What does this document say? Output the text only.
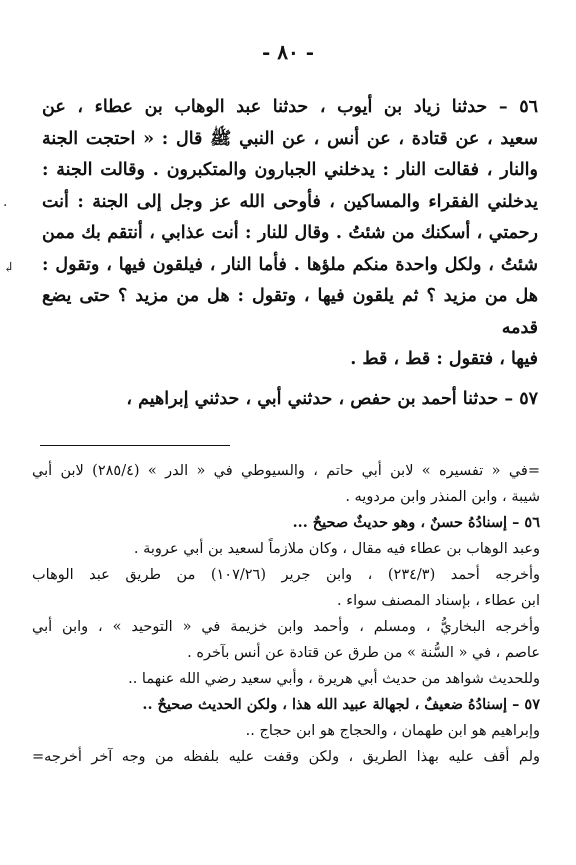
- ٨٠ -

٥٦ – حدثنا زياد بن أيوب ، حدثنا عبد الوهاب بن عطاء ، عن

سعيد ، عن قتادة ، عن أنس ، عن النبي ﷺ قال : « احتجت الجنة

والنار ، فقالت النار : يدخلني الجبارون والمتكبرون . وقالت الجنة :

يدخلني الفقراء والمساكين ، فأوحى الله عز وجل إلى الجنة : أنت

رحمتي ، أسكنك من شئتُ . وقال للنار : أنت عذابي ، أنتقم بك ممن

شئتُ ، ولكل واحدة منكم ملؤها . فأما النار ، فيلقون فيها ، وتقول :

هل من مزيد ؟ ثم يلقون فيها ، وتقول : هل من مزيد ؟ حتى يضع قدمه

فيها ، فتقول : قط ، قط .

٥٧ – حدثنا أحمد بن حفص ، حدثني أبي ، حدثني إبراهيم ،

=في « تفسيره » لابن أبي حاتم ، والسيوطي في « الدر » (٢٨٥/٤) لابن أبي

شيبة ، وابن المنذر وابن مردويه .

٥٦ – إسنادُهُ حسنٌ ، وهو حديثٌ صحيحٌ ...

وعبد الوهاب بن عطاء فيه مقال ، وكان ملازماً لسعيد بن أبي عروبة .

وأخرجه أحمد (٢٣٤/٣) ، وابن جرير (١٠٧/٢٦) من طريق عبد الوهاب

ابن عطاء ، بإسناد المصنف سواء .

وأخرجه البخاريُّ ، ومسلم ، وأحمد وابن خزيمة في « التوحيد » ، وابن أبي

عاصم ، في « السُّنة » من طرق عن قتادة عن أنس بآخره .

وللحديث شواهد من حديث أبي هريرة ، وأبي سعيد رضي الله عنهما ..

٥٧ – إسنادُهُ ضعيفٌ ، لجهالة عبيد الله هذا ، ولكن الحديث صحيحٌ ..

وإبراهيم هو ابن طهمان ، والحجاج هو ابن حجاج ..

ولم أقف عليه بهذا الطريق ، ولكن وقفت عليه بلفظه من وجه آخر أخرجه=

·
↲
